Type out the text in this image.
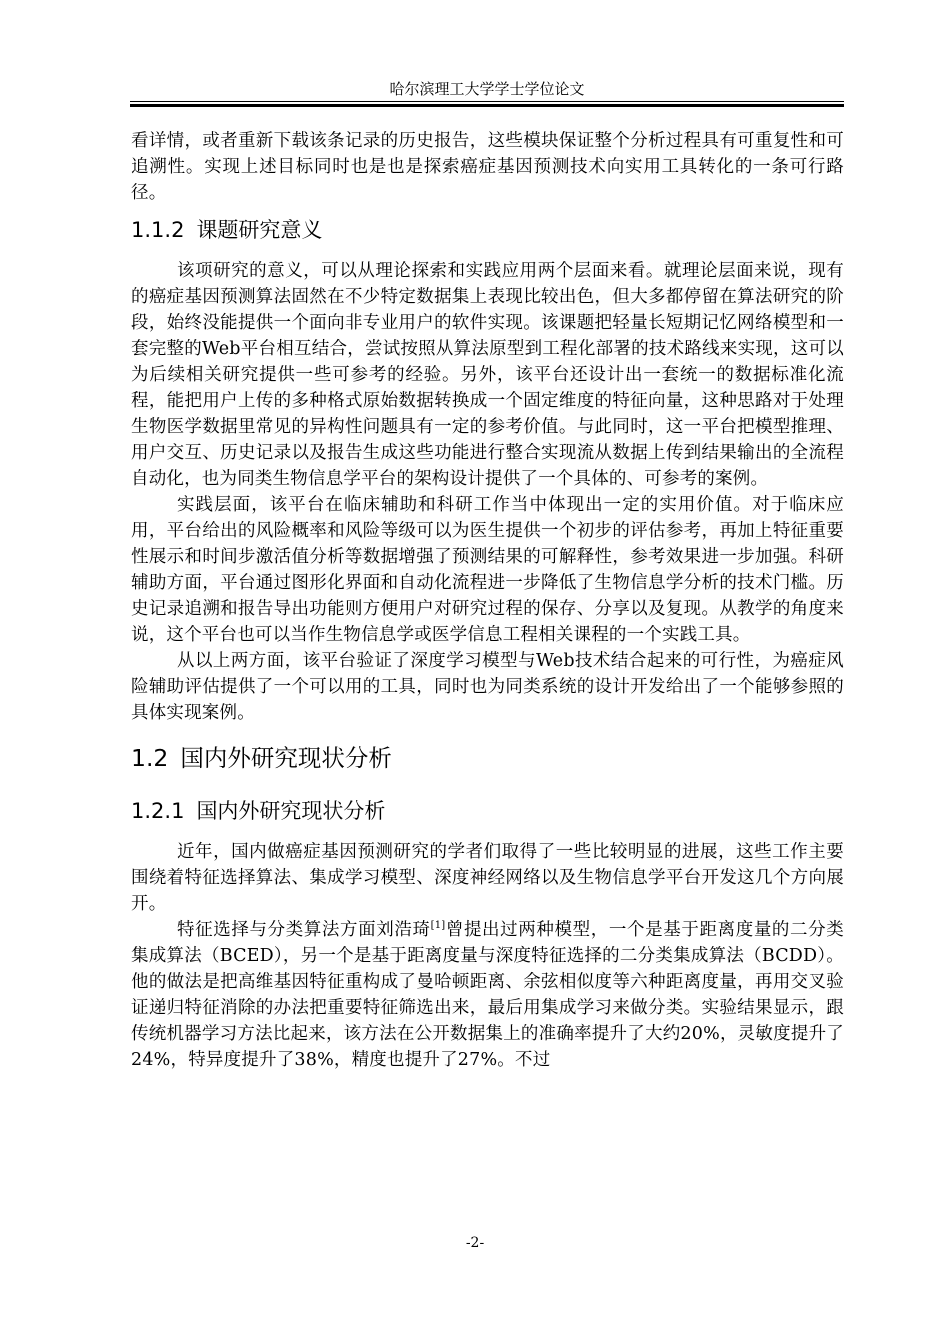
哈尔滨理工大学学士学位论文

看详情，或者重新下载该条记录的历史报告，这些模块保证整个分析过程具有可重复性和可追溯性。实现上述目标同时也是也是探索癌症基因预测技术向实用工具转化的一条可行路径。

1.1.2 课题研究意义

该项研究的意义，可以从理论探索和实践应用两个层面来看。就理论层面来说，现有的癌症基因预测算法固然在不少特定数据集上表现比较出色，但大多都停留在算法研究的阶段，始终没能提供一个面向非专业用户的软件实现。该课题把轻量长短期记忆网络模型和一套完整的Web平台相互结合，尝试按照从算法原型到工程化部署的技术路线来实现，这可以为后续相关研究提供一些可参考的经验。另外，该平台还设计出一套统一的数据标准化流程，能把用户上传的多种格式原始数据转换成一个固定维度的特征向量，这种思路对于处理生物医学数据里常见的异构性问题具有一定的参考价值。与此同时，这一平台把模型推理、用户交互、历史记录以及报告生成这些功能进行整合实现流从数据上传到结果输出的全流程自动化，也为同类生物信息学平台的架构设计提供了一个具体的、可参考的案例。

实践层面，该平台在临床辅助和科研工作当中体现出一定的实用价值。对于临床应用，平台给出的风险概率和风险等级可以为医生提供一个初步的评估参考，再加上特征重要性展示和时间步激活值分析等数据增强了预测结果的可解释性，参考效果进一步加强。科研辅助方面，平台通过图形化界面和自动化流程进一步降低了生物信息学分析的技术门槛。历史记录追溯和报告导出功能则方便用户对研究过程的保存、分享以及复现。从教学的角度来说，这个平台也可以当作生物信息学或医学信息工程相关课程的一个实践工具。

从以上两方面，该平台验证了深度学习模型与Web技术结合起来的可行性，为癌症风险辅助评估提供了一个可以用的工具，同时也为同类系统的设计开发给出了一个能够参照的具体实现案例。

1.2 国内外研究现状分析
1.2.1 国内外研究现状分析

近年，国内做癌症基因预测研究的学者们取得了一些比较明显的进展，这些工作主要围绕着特征选择算法、集成学习模型、深度神经网络以及生物信息学平台开发这几个方向展开。

特征选择与分类算法方面刘浩琦[1]曾提出过两种模型，一个是基于距离度量的二分类集成算法（BCED），另一个是基于距离度量与深度特征选择的二分类集成算法（BCDD）。他的做法是把高维基因特征重构成了曼哈顿距离、余弦相似度等六种距离度量，再用交叉验证递归特征消除的办法把重要特征筛选出来，最后用集成学习来做分类。实验结果显示，跟传统机器学习方法比起来，该方法在公开数据集上的准确率提升了大约20%，灵敏度提升了24%，特异度提升了38%，精度也提升了27%。不过

-2-
